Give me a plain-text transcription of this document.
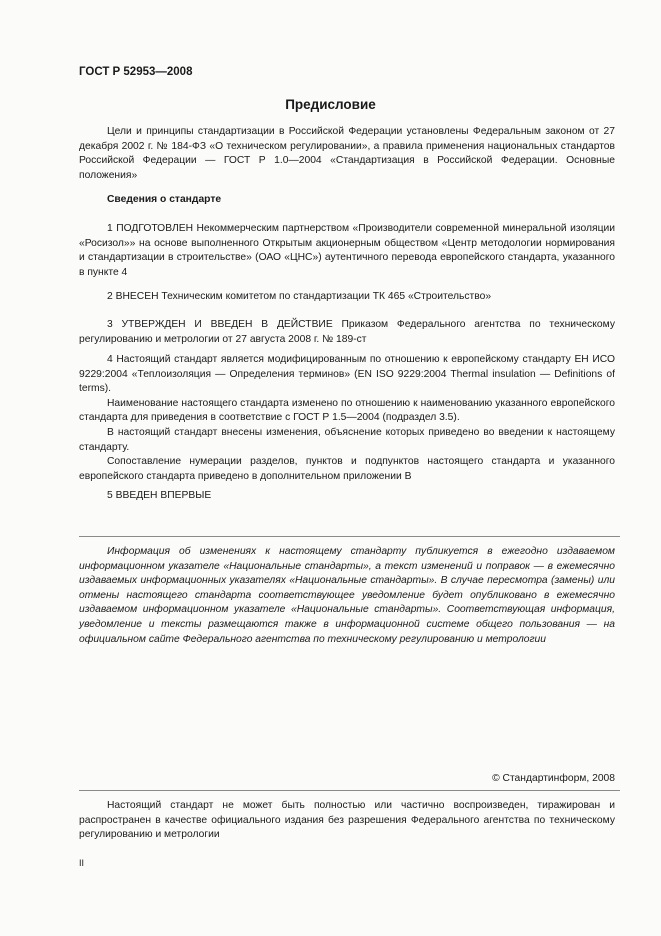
ГОСТ Р 52953—2008
Предисловие

Цели и принципы стандартизации в Российской Федерации установлены Федеральным законом от 27 декабря 2002 г. № 184-ФЗ «О техническом регулировании», а правила применения национальных стандартов Российской Федерации — ГОСТ Р 1.0—2004 «Стандартизация в Российской Федерации. Основные положения»

Сведения о стандарте

1 ПОДГОТОВЛЕН Некоммерческим партнерством «Производители современной минеральной изоляции «Росизол»» на основе выполненного Открытым акционерным обществом «Центр методологии нормирования и стандартизации в строительстве» (ОАО «ЦНС») аутентичного перевода европейского стандарта, указанного в пункте 4

2 ВНЕСЕН Техническим комитетом по стандартизации ТК 465 «Строительство»

3 УТВЕРЖДЕН И ВВЕДЕН В ДЕЙСТВИЕ Приказом Федерального агентства по техническому регулированию и метрологии от 27 августа 2008 г. № 189-ст

4 Настоящий стандарт является модифицированным по отношению к европейскому стандарту ЕН ИСО 9229:2004 «Теплоизоляция — Определения терминов» (EN ISO 9229:2004 Thermal insulation — Definitions of terms).

Наименование настоящего стандарта изменено по отношению к наименованию указанного европейского стандарта для приведения в соответствие с ГОСТ Р 1.5—2004 (подраздел 3.5).

В настоящий стандарт внесены изменения, объяснение которых приведено во введении к настоящему стандарту.

Сопоставление нумерации разделов, пунктов и подпунктов настоящего стандарта и указанного европейского стандарта приведено в дополнительном приложении В

5 ВВЕДЕН ВПЕРВЫЕ

Информация об изменениях к настоящему стандарту публикуется в ежегодно издаваемом информационном указателе «Национальные стандарты», а текст изменений и поправок — в ежемесячно издаваемых информационных указателях «Национальные стандарты». В случае пересмотра (замены) или отмены настоящего стандарта соответствующее уведомление будет опубликовано в ежемесячно издаваемом информационном указателе «Национальные стандарты». Соответствующая информация, уведомление и тексты размещаются также в информационной системе общего пользования — на официальном сайте Федерального агентства по техническому регулированию и метрологии

© Стандартинформ, 2008

Настоящий стандарт не может быть полностью или частично воспроизведен, тиражирован и распространен в качестве официального издания без разрешения Федерального агентства по техническому регулированию и метрологии

II
